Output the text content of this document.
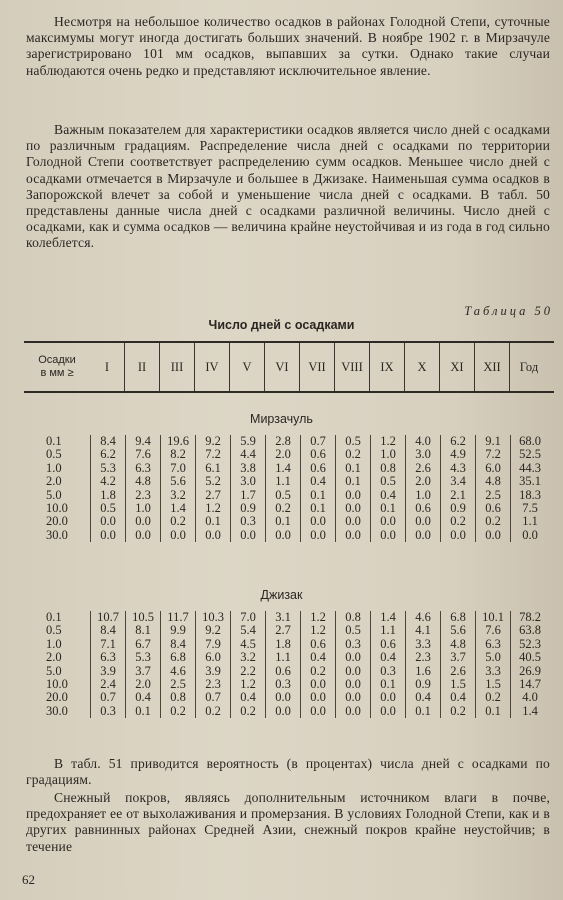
Несмотря на небольшое количество осадков в районах Голодной Степи, суточные максимумы могут иногда достигать больших значений. В ноябре 1902 г. в Мирзачуле зарегистрировано 101 мм осадков, выпавших за сутки. Однако такие случаи наблюдаются очень редко и представляют исключительное явление.

Важным показателем для характеристики осадков является число дней с осадками по различным градациям. Распределение числа дней с осадками по территории Голодной Степи соответствует распределению сумм осадков. Меньшее число дней с осадками отмечается в Мирзачуле и большее в Джизаке. Наименьшая сумма осадков в Запорожской влечет за собой и уменьшение числа дней с осадками. В табл. 50 представлены данные числа дней с осадками различной величины. Число дней с осадками, как и сумма осадков — величина крайне неустойчивая и из года в год сильно колеблется.

Таблица 50
Число дней с осадками
Осадки
в мм ≥	I	II	III	IV	V	VI	VII	VIII	IX	X	XI	XII	Год
Мирзачуль
0.1	8.4	9.4	19.6	9.2	5.9	2.8	0.7	0.5	1.2	4.0	6.2	9.1	68.0
0.5	6.2	7.6	8.2	7.2	4.4	2.0	0.6	0.2	1.0	3.0	4.9	7.2	52.5
1.0	5.3	6.3	7.0	6.1	3.8	1.4	0.6	0.1	0.8	2.6	4.3	6.0	44.3
2.0	4.2	4.8	5.6	5.2	3.0	1.1	0.4	0.1	0.5	2.0	3.4	4.8	35.1
5.0	1.8	2.3	3.2	2.7	1.7	0.5	0.1	0.0	0.4	1.0	2.1	2.5	18.3
10.0	0.5	1.0	1.4	1.2	0.9	0.2	0.1	0.0	0.1	0.6	0.9	0.6	7.5
20.0	0.0	0.0	0.2	0.1	0.3	0.1	0.0	0.0	0.0	0.0	0.2	0.2	1.1
30.0	0.0	0.0	0.0	0.0	0.0	0.0	0.0	0.0	0.0	0.0	0.0	0.0	0.0
Джизак
0.1	10.7	10.5	11.7	10.3	7.0	3.1	1.2	0.8	1.4	4.6	6.8	10.1	78.2
0.5	8.4	8.1	9.9	9.2	5.4	2.7	1.2	0.5	1.1	4.1	5.6	7.6	63.8
1.0	7.1	6.7	8.4	7.9	4.5	1.8	0.6	0.3	0.6	3.3	4.8	6.3	52.3
2.0	6.3	5.3	6.8	6.0	3.2	1.1	0.4	0.0	0.4	2.3	3.7	5.0	40.5
5.0	3.9	3.7	4.6	3.9	2.2	0.6	0.2	0.0	0.3	1.6	2.6	3.3	26.9
10.0	2.4	2.0	2.5	2.3	1.2	0.3	0.0	0.0	0.1	0.9	1.5	1.5	14.7
20.0	0.7	0.4	0.8	0.7	0.4	0.0	0.0	0.0	0.0	0.4	0.4	0.2	4.0
30.0	0.3	0.1	0.2	0.2	0.2	0.0	0.0	0.0	0.0	0.1	0.2	0.1	1.4

В табл. 51 приводится вероятность (в процентах) числа дней с осадками по градациям.

Снежный покров, являясь дополнительным источником влаги в почве, предохраняет ее от выхолаживания и промерзания. В условиях Голодной Степи, как и в других равнинных районах Средней Азии, снежный покров крайне неустойчив; в течение

62
